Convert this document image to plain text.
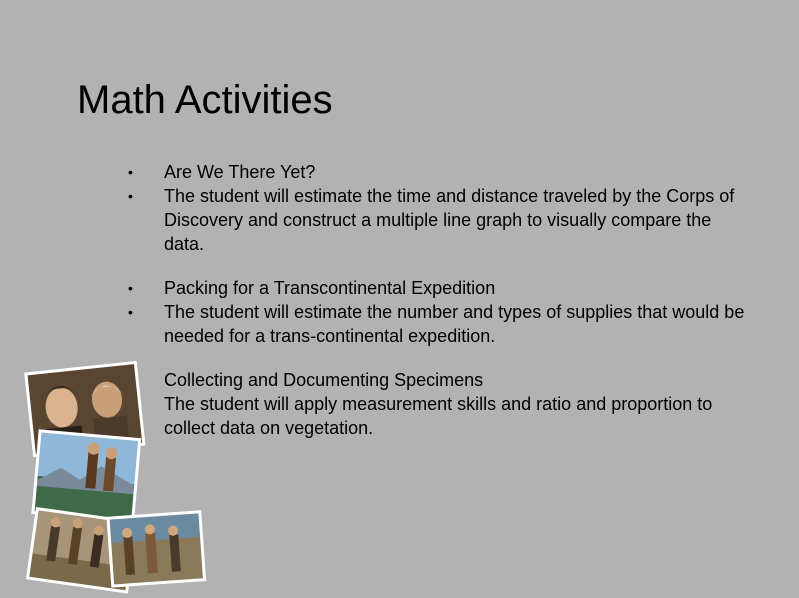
Math Activities
•	Are We There Yet?
•	The student will estimate the time and distance traveled by the Corps of Discovery and construct a multiple line graph to visually compare the data.
•	Packing for a Transcontinental Expedition
•	The student will estimate the number and types of supplies that would be needed for a trans-continental expedition.
Collecting and Documenting Specimens
The student will apply measurement skills and ratio and proportion to collect data on vegetation.
